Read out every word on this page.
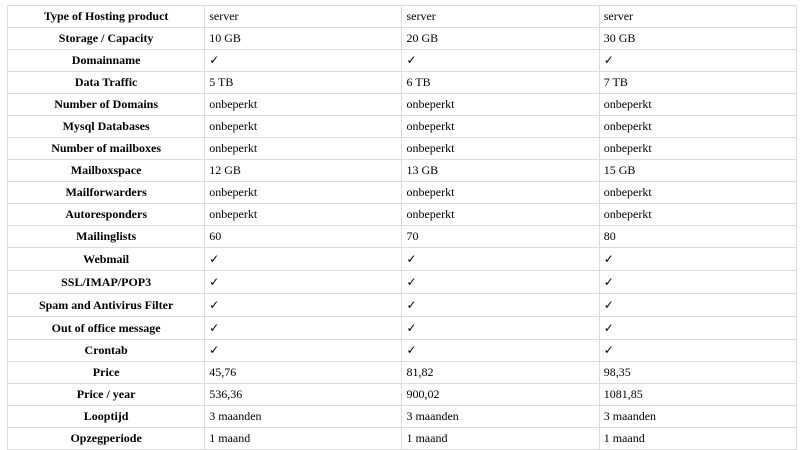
Type of Hosting product	server	server	server
Storage / Capacity	10 GB	20 GB	30 GB
Domainname	✓	✓	✓
Data Traffic	5 TB	6 TB	7 TB
Number of Domains	onbeperkt	onbeperkt	onbeperkt
Mysql Databases	onbeperkt	onbeperkt	onbeperkt
Number of mailboxes	onbeperkt	onbeperkt	onbeperkt
Mailboxspace	12 GB	13 GB	15 GB
Mailforwarders	onbeperkt	onbeperkt	onbeperkt
Autoresponders	onbeperkt	onbeperkt	onbeperkt
Mailinglists	60	70	80
Webmail	✓	✓	✓
SSL/IMAP/POP3	✓	✓	✓
Spam and Antivirus Filter	✓	✓	✓
Out of office message	✓	✓	✓
Crontab	✓	✓	✓
Price	45,76	81,82	98,35
Price / year	536,36	900,02	1081,85
Looptijd	3 maanden	3 maanden	3 maanden
Opzegperiode	1 maand	1 maand	1 maand
